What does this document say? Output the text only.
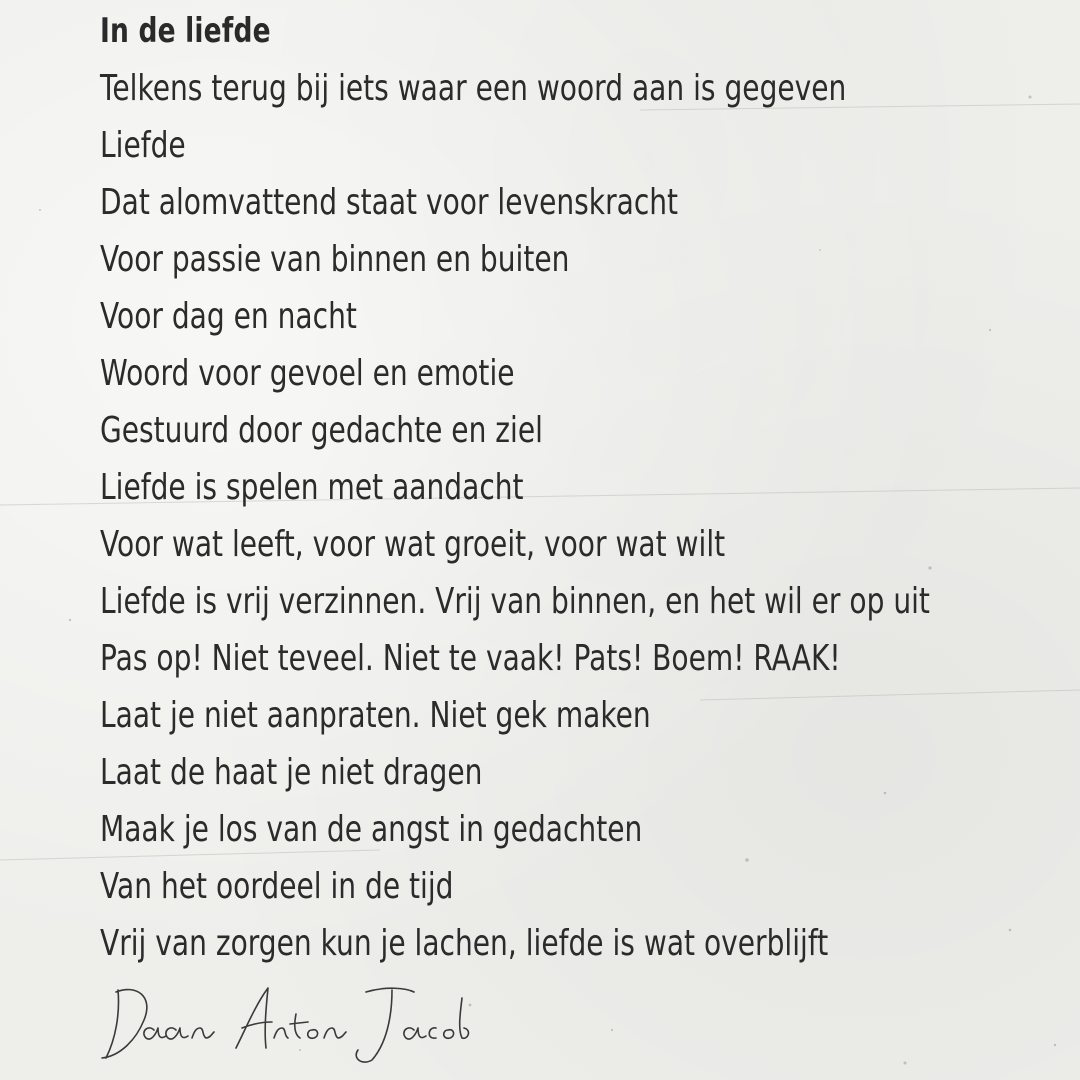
In de liefde
Telkens terug bij iets waar een woord aan is gegeven
Liefde
Dat alomvattend staat voor levenskracht
Voor passie van binnen en buiten
Voor dag en nacht
Woord voor gevoel en emotie
Gestuurd door gedachte en ziel
Liefde is spelen met aandacht
Voor wat leeft, voor wat groeit, voor wat wilt
Liefde is vrij verzinnen. Vrij van binnen, en het wil er op uit
Pas op! Niet teveel. Niet te vaak! Pats! Boem! RAAK!
Laat je niet aanpraten. Niet gek maken
Laat de haat je niet dragen
Maak je los van de angst in gedachten
Van het oordeel in de tijd
Vrij van zorgen kun je lachen, liefde is wat overblijft
